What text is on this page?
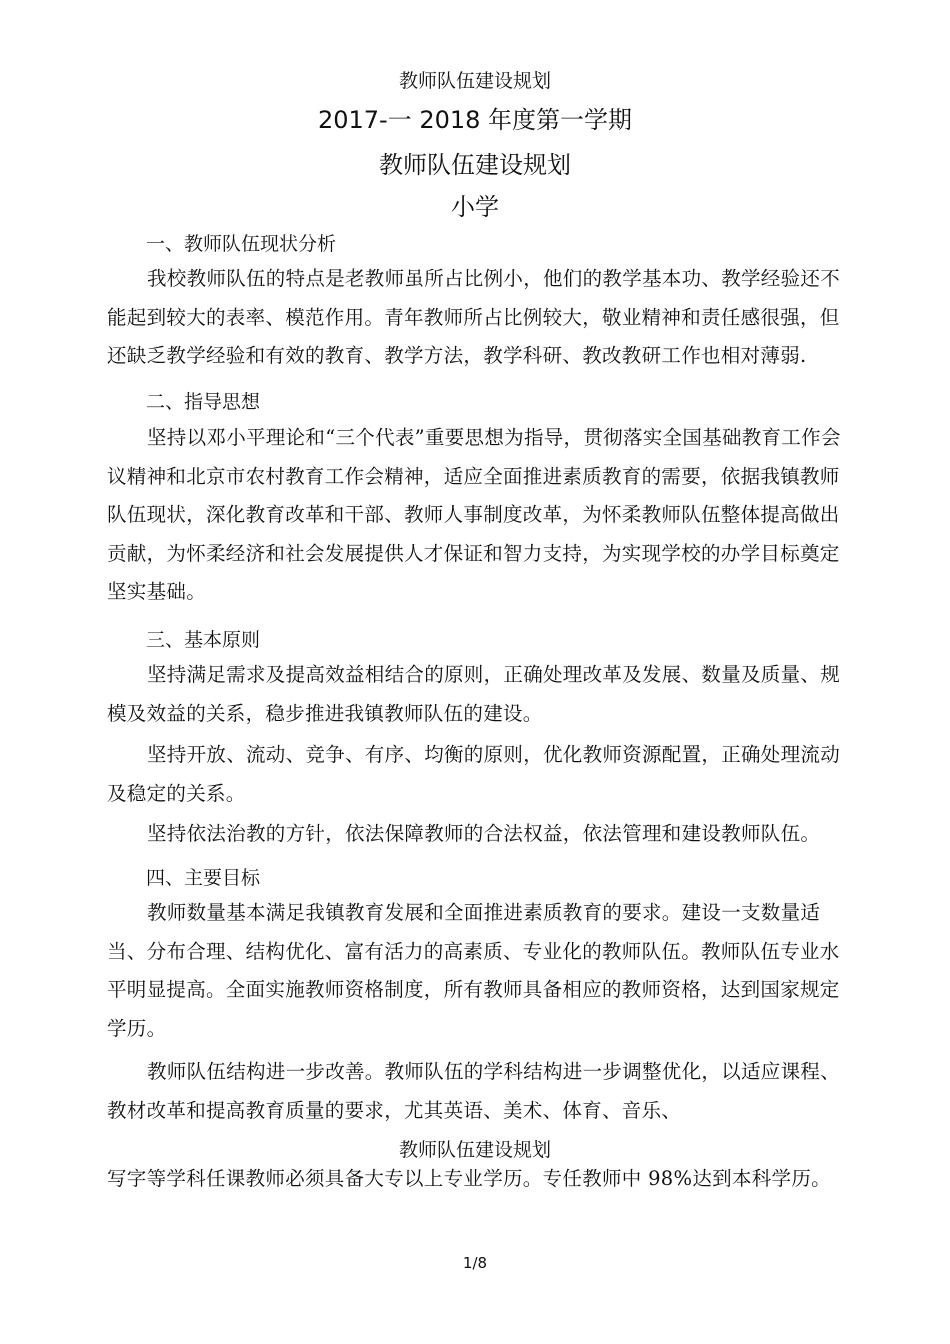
教师队伍建设规划
2017-一 2018 年度第一学期
教师队伍建设规划
小学
一、教师队伍现状分析
我校教师队伍的特点是老教师虽所占比例小，他们的教学基本功、教学经验还不能起到较大的表率、模范作用。青年教师所占比例较大，敬业精神和责任感很强，但还缺乏教学经验和有效的教育、教学方法，教学科研、教改教研工作也相对薄弱.
二、指导思想
坚持以邓小平理论和“三个代表”重要思想为指导，贯彻落实全国基础教育工作会议精神和北京市农村教育工作会精神，适应全面推进素质教育的需要，依据我镇教师队伍现状，深化教育改革和干部、教师人事制度改革，为怀柔教师队伍整体提高做出贡献，为怀柔经济和社会发展提供人才保证和智力支持，为实现学校的办学目标奠定坚实基础。
三、基本原则
坚持满足需求及提高效益相结合的原则，正确处理改革及发展、数量及质量、规模及效益的关系，稳步推进我镇教师队伍的建设。
坚持开放、流动、竞争、有序、均衡的原则，优化教师资源配置，正确处理流动及稳定的关系。
坚持依法治教的方针，依法保障教师的合法权益，依法管理和建设教师队伍。
四、主要目标
教师数量基本满足我镇教育发展和全面推进素质教育的要求。建设一支数量适当、分布合理、结构优化、富有活力的高素质、专业化的教师队伍。教师队伍专业水平明显提高。全面实施教师资格制度，所有教师具备相应的教师资格，达到国家规定学历。
教师队伍结构进一步改善。教师队伍的学科结构进一步调整优化，以适应课程、教材改革和提高教育质量的要求，尤其英语、美术、体育、音乐、
教师队伍建设规划
写字等学科任课教师必须具备大专以上专业学历。专任教师中 98%达到本科学历。
1/8
